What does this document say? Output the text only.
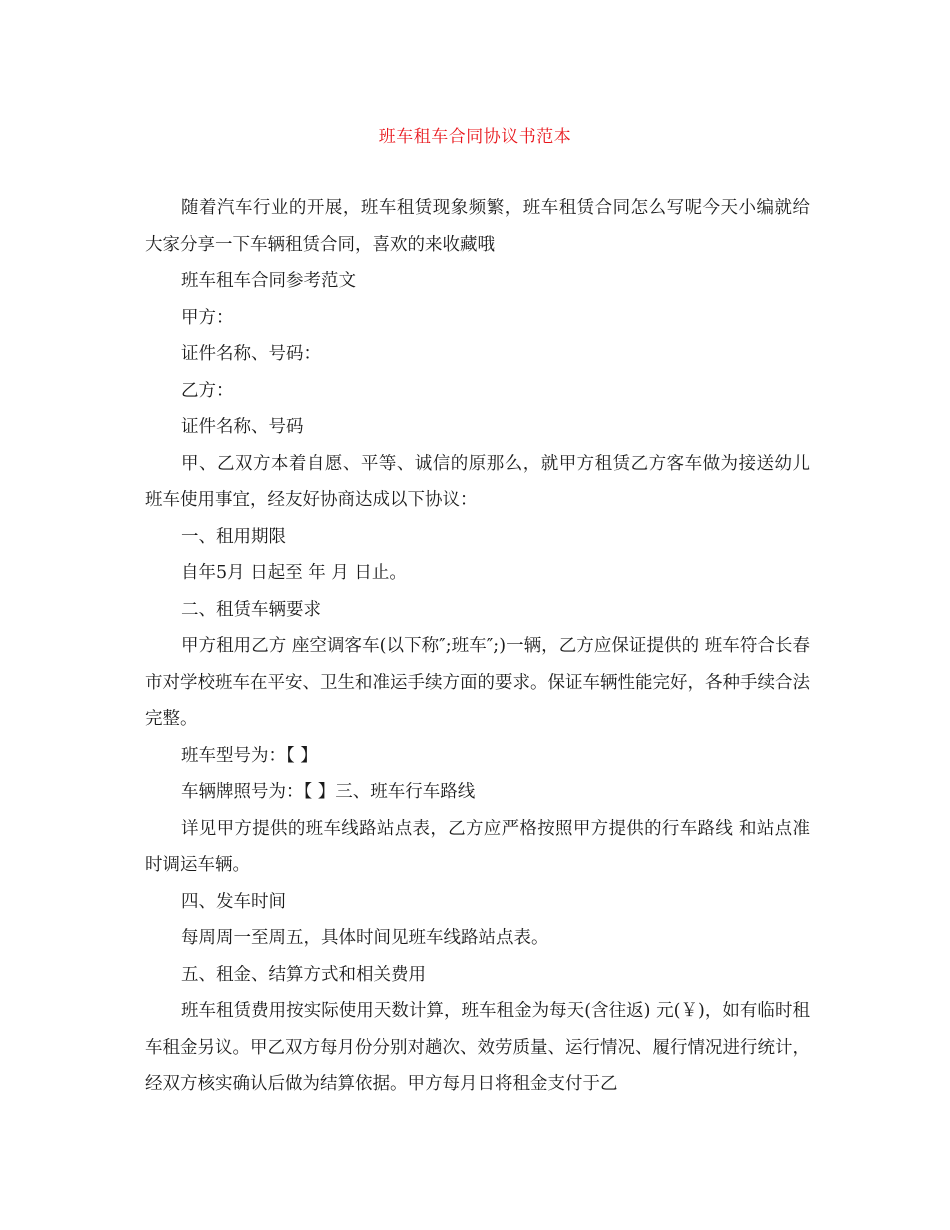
班车租车合同协议书范本

随着汽车行业的开展，班车租赁现象频繁，班车租赁合同怎么写呢今天小编就给大家分享一下车辆租赁合同，喜欢的来收藏哦

班车租车合同参考范文

甲方：

证件名称、号码：

乙方：

证件名称、号码

甲、乙双方本着自愿、平等、诚信的原那么，就甲方租赁乙方客车做为接送幼儿班车使用事宜，经友好协商达成以下协议：

一、租用期限

自年5月 日起至 年 月 日止。

二、租赁车辆要求

甲方租用乙方 座空调客车(以下称″;班车″;)一辆，乙方应保证提供的 班车符合长春市对学校班车在平安、卫生和准运手续方面的要求。保证车辆性能完好，各种手续合法完整。

班车型号为：【 】

车辆牌照号为：【 】三、班车行车路线

详见甲方提供的班车线路站点表，乙方应严格按照甲方提供的行车路线 和站点准时调运车辆。

四、发车时间

每周周一至周五，具体时间见班车线路站点表。

五、租金、结算方式和相关费用

班车租赁费用按实际使用天数计算，班车租金为每天(含往返) 元(￥)，如有临时租车租金另议。甲乙双方每月份分别对趟次、效劳质量、运行情况、履行情况进行统计，经双方核实确认后做为结算依据。甲方每月日将租金支付于乙
